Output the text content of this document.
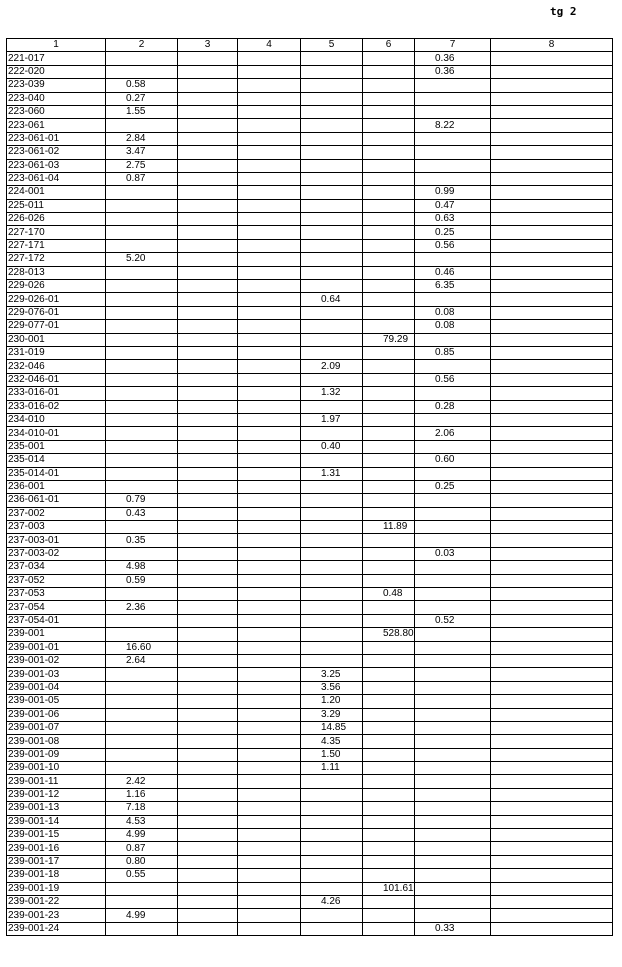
tg 2
1	2	3	4	5	6	7	8
221-017						0.36	
222-020						0.36	
223-039	0.58						
223-040	0.27						
223-060	1.55						
223-061						8.22	
223-061-01	2.84						
223-061-02	3.47						
223-061-03	2.75						
223-061-04	0.87						
224-001						0.99	
225-011						0.47	
226-026						0.63	
227-170						0.25	
227-171						0.56	
227-172	5.20						
228-013						0.46	
229-026						6.35	
229-026-01				0.64			
229-076-01						0.08	
229-077-01						0.08	
230-001					79.29		
231-019						0.85	
232-046				2.09			
232-046-01						0.56	
233-016-01				1.32			
233-016-02						0.28	
234-010				1.97			
234-010-01						2.06	
235-001				0.40			
235-014						0.60	
235-014-01				1.31			
236-001						0.25	
236-061-01	0.79						
237-002	0.43						
237-003					11.89		
237-003-01	0.35						
237-003-02						0.03	
237-034	4.98						
237-052	0.59						
237-053					0.48		
237-054	2.36						
237-054-01						0.52	
239-001					528.80		
239-001-01	16.60						
239-001-02	2.64						
239-001-03				3.25			
239-001-04				3.56			
239-001-05				1.20			
239-001-06				3.29			
239-001-07				14.85			
239-001-08				4.35			
239-001-09				1.50			
239-001-10				1.11			
239-001-11	2.42						
239-001-12	1.16						
239-001-13	7.18						
239-001-14	4.53						
239-001-15	4.99						
239-001-16	0.87						
239-001-17	0.80						
239-001-18	0.55						
239-001-19					101.61		
239-001-22				4.26			
239-001-23	4.99						
239-001-24						0.33	
